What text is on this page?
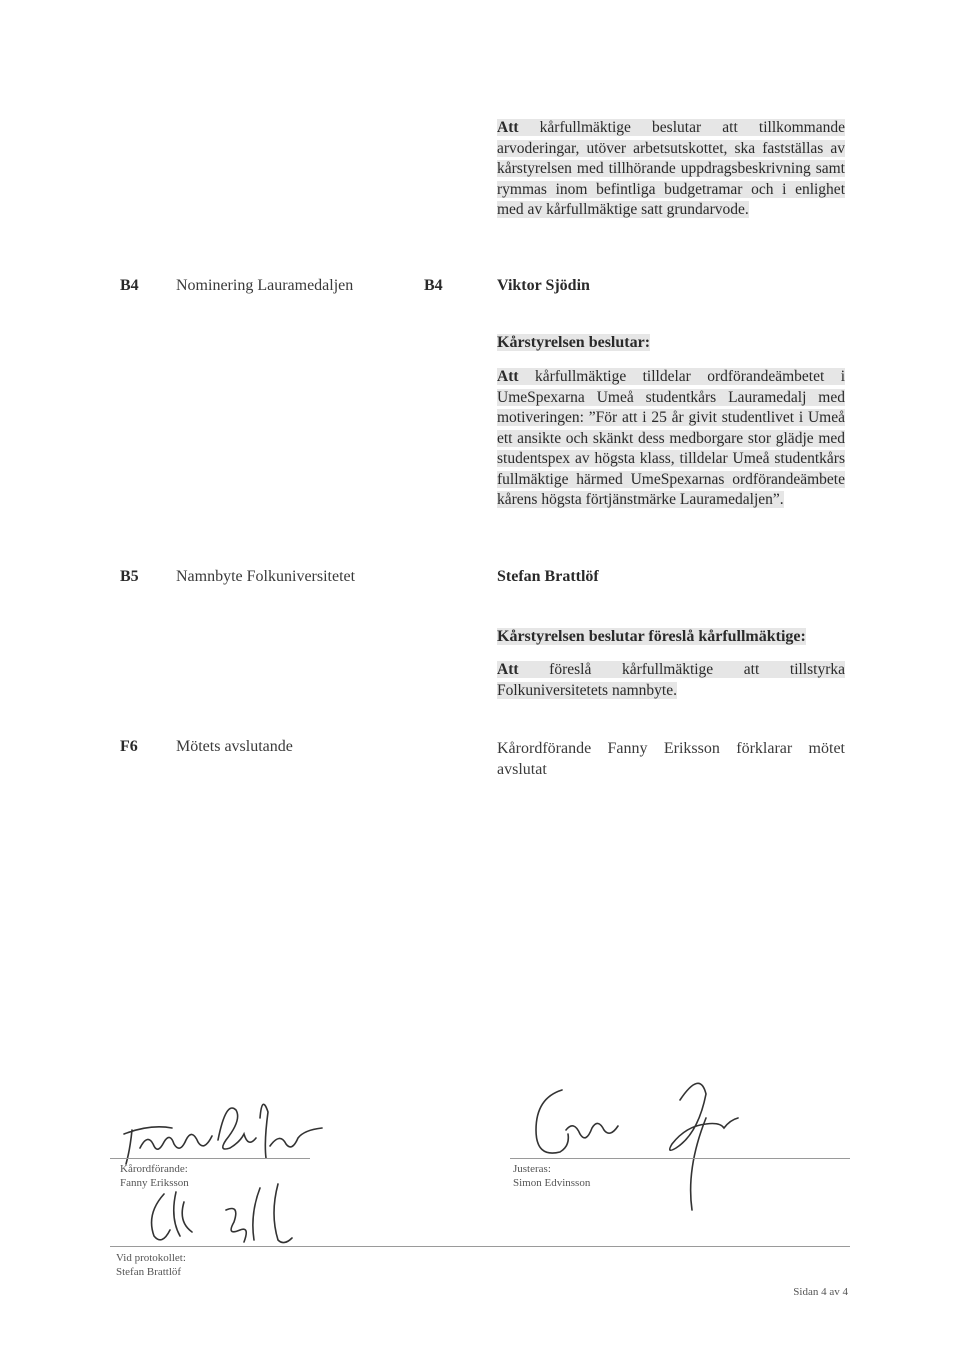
Att kårfullmäktige beslutar att tillkommande arvoderingar, utöver arbetsutskottet, ska fastställas av kårstyrelsen med tillhörande uppdragsbeskrivning samt rymmas inom befintliga budgetramar och i enlighet med av kårfullmäktige satt grundarvode.
B4 Nominering Lauramedaljen	B4	Viktor Sjödin
Kårstyrelsen beslutar:
Att kårfullmäktige tilldelar ordförandeämbetet i UmeSpexarna Umeå studentkårs Lauramedalj med motiveringen: ”För att i 25 år givit studentlivet i Umeå ett ansikte och skänkt dess medborgare stor glädje med studentspex av högsta klass, tilldelar Umeå studentkårs fullmäktige härmed UmeSpexarnas ordförandeämbete kårens högsta förtjänstmärke Lauramedaljen”.
B5 Namnbyte Folkuniversitetet	Stefan Brattlöf
Kårstyrelsen beslutar föreslå kårfullmäktige:
Att föreslå kårfullmäktige att tillstyrka Folkuniversitetets namnbyte.
F6 Mötets avslutande	Kårordförande Fanny Eriksson förklarar mötet avslutat
Kårordförande:
Fanny Eriksson
Justeras:
Simon Edvinsson
Vid protokollet:
Stefan Brattlöf
Sidan 4 av 4
